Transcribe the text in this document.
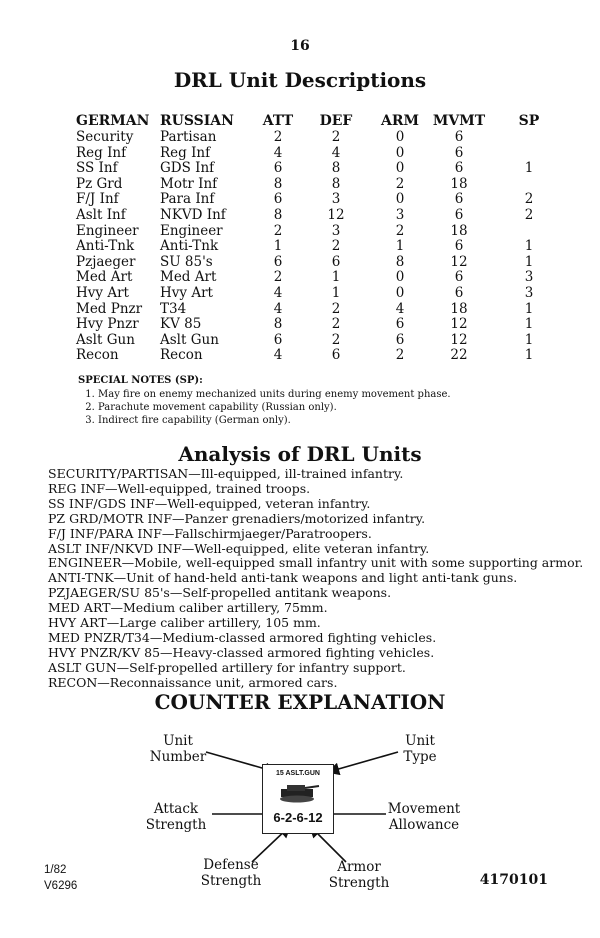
16
DRL Unit Descriptions
GERMAN	RUSSIAN	ATT	DEF	ARM	MVMT	SP
Security	Partisan	2	2	0	6	
Reg Inf	Reg Inf	4	4	0	6	
SS Inf	GDS Inf	6	8	0	6	1
Pz Grd	Motr Inf	8	8	2	18	
F/J Inf	Para Inf	6	3	0	6	2
Aslt Inf	NKVD Inf	8	12	3	6	2
Engineer	Engineer	2	3	2	18	
Anti-Tnk	Anti-Tnk	1	2	1	6	1
Pzjaeger	SU 85's	6	6	8	12	1
Med Art	Med Art	2	1	0	6	3
Hvy Art	Hvy Art	4	1	0	6	3
Med Pnzr	T34	4	2	4	18	1
Hvy Pnzr	KV 85	8	2	6	12	1
Aslt Gun	Aslt Gun	6	2	6	12	1
Recon	Recon	4	6	2	22	1
SPECIAL NOTES (SP):
1. May fire on enemy mechanized units during enemy movement phase.
2. Parachute movement capability (Russian only).
3. Indirect fire capability (German only).
Analysis of DRL Units
SECURITY/PARTISAN—Ill-equipped, ill-trained infantry.
REG INF—Well-equipped, trained troops.
SS INF/GDS INF—Well-equipped, veteran infantry.
PZ GRD/MOTR INF—Panzer grenadiers/motorized infantry.
F/J INF/PARA INF—Fallschirmjaeger/Paratroopers.
ASLT INF/NKVD INF—Well-equipped, elite veteran infantry.
ENGINEER—Mobile, well-equipped small infantry unit with some supporting armor.
ANTI-TNK—Unit of hand-held anti-tank weapons and light anti-tank guns.
PZJAEGER/SU 85's—Self-propelled antitank weapons.
MED ART—Medium caliber artillery, 75mm.
HVY ART—Large caliber artillery, 105 mm.
MED PNZR/T34—Medium-classed armored fighting vehicles.
HVY PNZR/KV 85—Heavy-classed armored fighting vehicles.
ASLT GUN—Self-propelled artillery for infantry support.
RECON—Reconnaissance unit, armored cars.
COUNTER EXPLANATION
15 ASLT.GUN
6-2-6-12
Unit
Number
Unit
Type
Attack
Strength
Movement
Allowance
Defense
Strength
Armor
Strength
1/82
V6296	4170101
